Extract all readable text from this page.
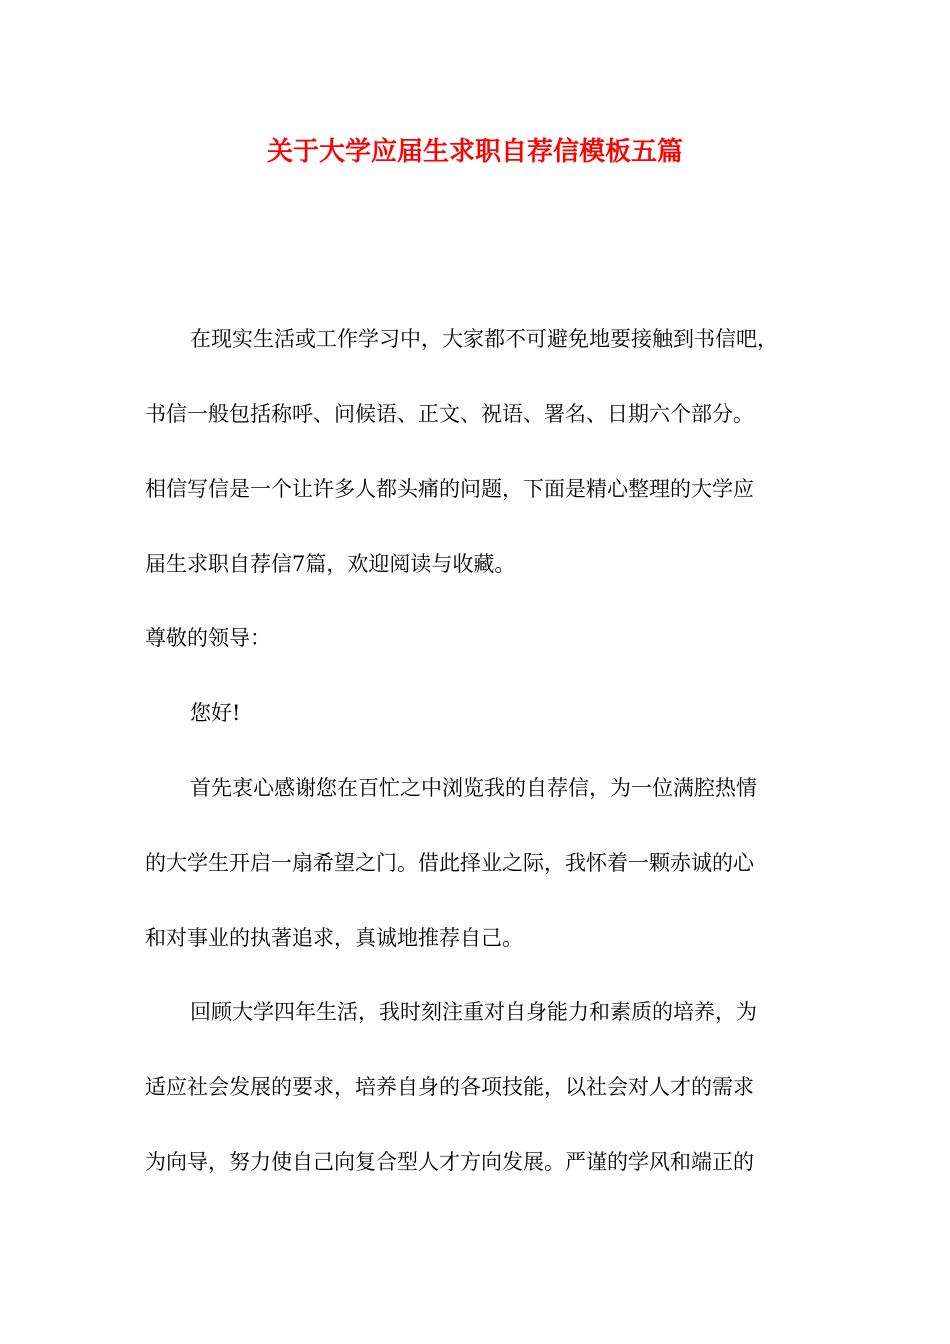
关于大学应届生求职自荐信模板五篇
在现实生活或工作学习中，大家都不可避免地要接触到书信吧，
书信一般包括称呼、问候语、正文、祝语、署名、日期六个部分。
相信写信是一个让许多人都头痛的问题，下面是精心整理的大学应
届生求职自荐信7篇，欢迎阅读与收藏。
尊敬的领导：
您好!
首先衷心感谢您在百忙之中浏览我的自荐信，为一位满腔热情
的大学生开启一扇希望之门。借此择业之际，我怀着一颗赤诚的心
和对事业的执著追求，真诚地推荐自己。
回顾大学四年生活，我时刻注重对自身能力和素质的培养，为
适应社会发展的要求，培养自身的各项技能，以社会对人才的需求
为向导，努力使自己向复合型人才方向发展。严谨的学风和端正的
